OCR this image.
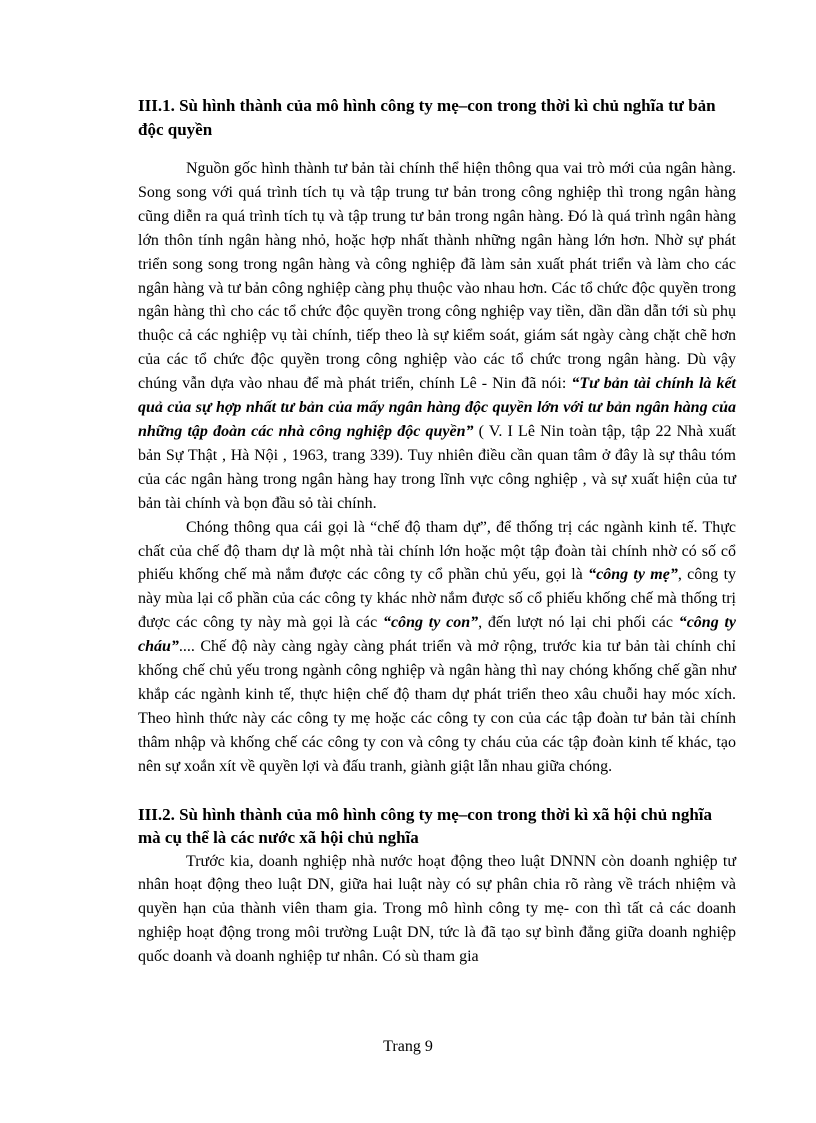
III.1. Sù hình thành của mô hình công ty mẹ–con trong thời kì chủ nghĩa tư bản độc quyền

Nguồn gốc hình thành tư bản tài chính thể hiện thông qua vai trò mới của ngân hàng. Song song với quá trình tích tụ và tập trung tư bản trong công nghiệp thì trong ngân hàng cũng diễn ra quá trình tích tụ và tập trung tư bản trong ngân hàng. Đó là quá trình ngân hàng lớn thôn tính ngân hàng nhỏ, hoặc hợp nhất thành những ngân hàng lớn hơn. Nhờ sự phát triển song song trong ngân hàng và công nghiệp đã làm sản xuất phát triển và làm cho các ngân hàng và tư bản công nghiệp càng phụ thuộc vào nhau hơn. Các tổ chức độc quyền trong ngân hàng thì cho các tổ chức độc quyền trong công nghiệp vay tiền, dần dần dẫn tới sù phụ thuộc cả các nghiệp vụ tài chính, tiếp theo là sự kiểm soát, giám sát ngày càng chặt chẽ hơn của các tổ chức độc quyền trong công nghiệp vào các tổ chức trong ngân hàng. Dù vậy chúng vẫn dựa vào nhau để mà phát triển, chính Lê - Nin đã nói: “Tư bản tài chính là kết quả của sự hợp nhất tư bản của mấy ngân hàng độc quyền lớn với tư bản ngân hàng của những tập đoàn các nhà công nghiệp độc quyền” ( V. I Lê Nin toàn tập, tập 22 Nhà xuất bản Sự Thật , Hà Nội , 1963, trang 339). Tuy nhiên điều cần quan tâm ở đây là sự thâu tóm của các ngân hàng trong ngân hàng hay trong lĩnh vực công nghiệp , và sự xuất hiện của tư bản tài chính và bọn đầu sỏ tài chính.

Chóng thông qua cái gọi là “chế độ tham dự”, để thống trị các ngành kinh tế. Thực chất của chế độ tham dự là một nhà tài chính lớn hoặc một tập đoàn tài chính nhờ có số cổ phiếu khống chế mà nắm được các công ty cổ phần chủ yếu, gọi là “công ty mẹ”, công ty này mùa lại cổ phần của các công ty khác nhờ nắm được số cổ phiếu khống chế mà thống trị được các công ty này mà gọi là các “công ty con”, đến lượt nó lại chi phối các “công ty cháu”.... Chế độ này càng ngày càng phát triển và mở rộng, trước kia tư bản tài chính chỉ khống chế chủ yếu trong ngành công nghiệp và ngân hàng thì nay chóng khống chế gần như khắp các ngành kinh tế, thực hiện chế độ tham dự phát triển theo xâu chuỗi hay móc xích. Theo hình thức này các công ty mẹ hoặc các công ty con của các tập đoàn tư bản tài chính thâm nhập và khống chế các công ty con và công ty cháu của các tập đoàn kinh tế khác, tạo nên sự xoắn xít về quyền lợi và đấu tranh, giành giật lẫn nhau giữa chóng.

III.2. Sù hình thành của mô hình công ty mẹ–con trong thời kì xã hội chủ nghĩa mà cụ thể là các nước xã hội chủ nghĩa

Trước kia, doanh nghiệp nhà nước hoạt động theo luật DNNN còn doanh nghiệp tư nhân hoạt động theo luật DN, giữa hai luật này có sự phân chia rõ ràng về trách nhiệm và quyền hạn của thành viên tham gia. Trong mô hình công ty mẹ- con thì tất cả các doanh nghiệp hoạt động trong môi trường Luật DN, tức là đã tạo sự bình đẳng giữa doanh nghiệp quốc doanh và doanh nghiệp tư nhân. Có sù tham gia

Trang 9
